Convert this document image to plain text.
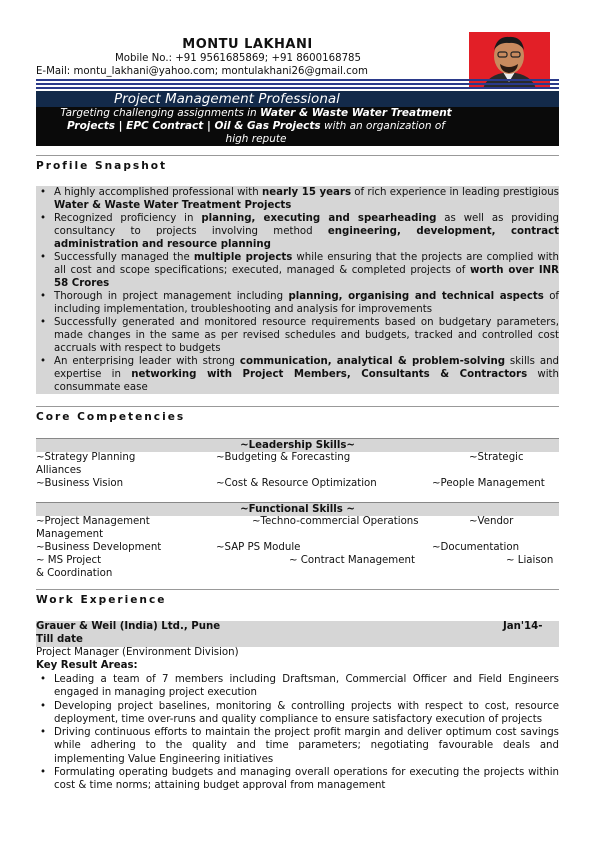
MONTU LAKHANI
Mobile No.: +91 9561685869; +91 8600168785
E-Mail: montu_lakhani@yahoo.com; montulakhani26@gmail.com
Project Management Professional

Targeting challenging assignments in Water & Waste Water Treatment

Projects | EPC Contract | Oil & Gas Projects with an organization of

high repute

Profile Snapshot
• A highly accomplished professional with nearly 15 years of rich experience in leading prestigious Water & Waste Water Treatment Projects
• Recognized proficiency in planning, executing and spearheading as well as providing consultancy to projects involving method engineering, development, contract administration and resource planning
• Successfully managed the multiple projects while ensuring that the projects are complied with all cost and scope specifications; executed, managed & completed projects of worth over INR 58 Crores
• Thorough in project management including planning, organising and technical aspects of including implementation, troubleshooting and analysis for improvements
• Successfully generated and monitored resource requirements based on budgetary parameters, made changes in the same as per revised schedules and budgets, tracked and controlled cost accruals with respect to budgets
• An enterprising leader with strong communication, analytical & problem-solving skills and expertise in networking with Project Members, Consultants & Contractors with consummate ease
Core Competencies
~Leadership Skills~
~Strategy Planning	~Budgeting & Forecasting	~Strategic
Alliances
~Business Vision	~Cost & Resource Optimization	~People Management
~Functional Skills ~
~Project Management	~Techno-commercial Operations	~Vendor
Management
~Business Development	~SAP PS Module	~Documentation
~ MS Project	~ Contract Management	~ Liaison
& Coordination
Work Experience
Grauer & Weil (India) Ltd., Pune	Jan'14-
Till date
Project Manager (Environment Division)
Key Result Areas:
• Leading a team of 7 members including Draftsman, Commercial Officer and Field Engineers engaged in managing project execution
• Developing project baselines, monitoring & controlling projects with respect to cost, resource deployment, time over-runs and quality compliance to ensure satisfactory execution of projects
• Driving continuous efforts to maintain the project profit margin and deliver optimum cost savings while adhering to the quality and time parameters; negotiating favourable deals and implementing Value Engineering initiatives
• Formulating operating budgets and managing overall operations for executing the projects within cost & time norms; attaining budget approval from management
